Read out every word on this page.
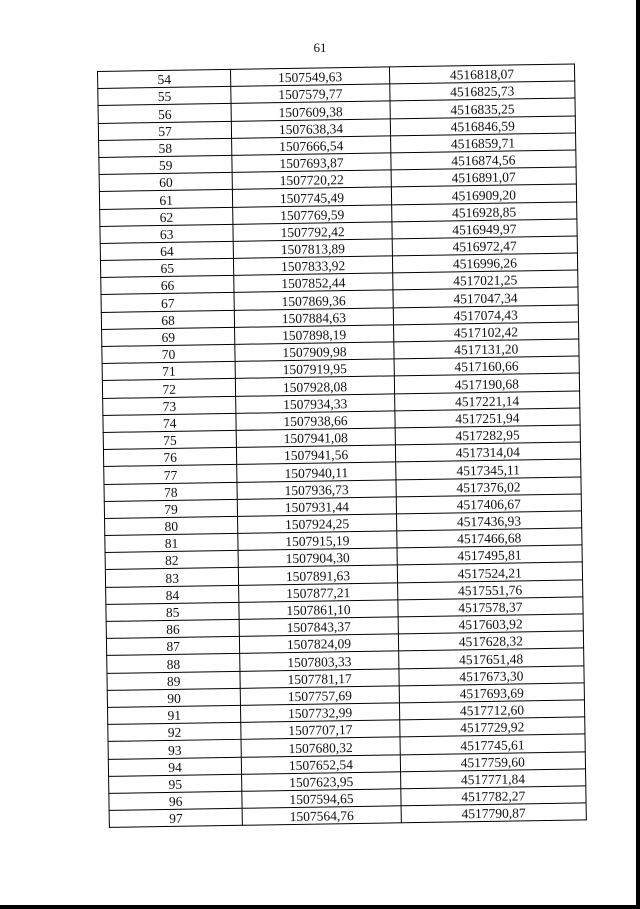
61
54	1507549,63	4516818,07
55	1507579,77	4516825,73
56	1507609,38	4516835,25
57	1507638,34	4516846,59
58	1507666,54	4516859,71
59	1507693,87	4516874,56
60	1507720,22	4516891,07
61	1507745,49	4516909,20
62	1507769,59	4516928,85
63	1507792,42	4516949,97
64	1507813,89	4516972,47
65	1507833,92	4516996,26
66	1507852,44	4517021,25
67	1507869,36	4517047,34
68	1507884,63	4517074,43
69	1507898,19	4517102,42
70	1507909,98	4517131,20
71	1507919,95	4517160,66
72	1507928,08	4517190,68
73	1507934,33	4517221,14
74	1507938,66	4517251,94
75	1507941,08	4517282,95
76	1507941,56	4517314,04
77	1507940,11	4517345,11
78	1507936,73	4517376,02
79	1507931,44	4517406,67
80	1507924,25	4517436,93
81	1507915,19	4517466,68
82	1507904,30	4517495,81
83	1507891,63	4517524,21
84	1507877,21	4517551,76
85	1507861,10	4517578,37
86	1507843,37	4517603,92
87	1507824,09	4517628,32
88	1507803,33	4517651,48
89	1507781,17	4517673,30
90	1507757,69	4517693,69
91	1507732,99	4517712,60
92	1507707,17	4517729,92
93	1507680,32	4517745,61
94	1507652,54	4517759,60
95	1507623,95	4517771,84
96	1507594,65	4517782,27
97	1507564,76	4517790,87
